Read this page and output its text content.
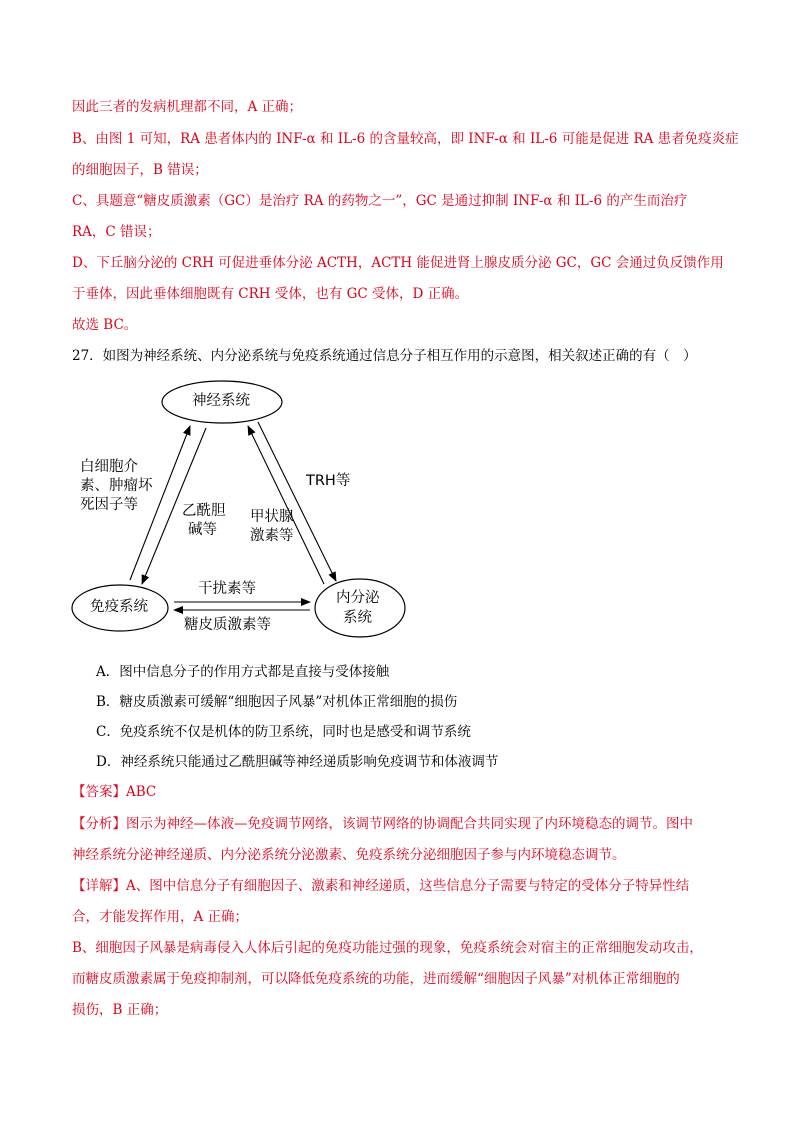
因此三者的发病机理都不同，A 正确；
B、由图 1 可知，RA 患者体内的 INF-α 和 IL-6 的含量较高，即 INF-α 和 IL-6 可能是促进 RA 患者免疫炎症
的细胞因子，B 错误；
C、具题意“糖皮质激素（GC）是治疗 RA 的药物之一”，GC 是通过抑制 INF-α 和 IL-6 的产生而治疗
RA，C 错误；
D、下丘脑分泌的 CRH 可促进垂体分泌 ACTH，ACTH 能促进肾上腺皮质分泌 GC，GC 会通过负反馈作用
于垂体，因此垂体细胞既有 CRH 受体，也有 GC 受体，D 正确。
故选 BC。
27．如图为神经系统、内分泌系统与免疫系统通过信息分子相互作用的示意图，相关叙述正确的有（　）
神经系统
免疫系统
内分泌
系统
白细胞介
素、肿瘤坏
死因子等	乙酰胆
碱等
甲状腺
激素等
TRH等
干扰素等
糖皮质激素等
A．图中信息分子的作用方式都是直接与受体接触
B．糖皮质激素可缓解“细胞因子风暴”对机体正常细胞的损伤
C．免疫系统不仅是机体的防卫系统，同时也是感受和调节系统
D．神经系统只能通过乙酰胆碱等神经递质影响免疫调节和体液调节
【答案】ABC
【分析】图示为神经—体液—免疫调节网络，该调节网络的协调配合共同实现了内环境稳态的调节。图中
神经系统分泌神经递质、内分泌系统分泌激素、免疫系统分泌细胞因子参与内环境稳态调节。
【详解】A、图中信息分子有细胞因子、激素和神经递质，这些信息分子需要与特定的受体分子特异性结
合，才能发挥作用，A 正确；
B、细胞因子风暴是病毒侵入人体后引起的免疫功能过强的现象，免疫系统会对宿主的正常细胞发动攻击，
而糖皮质激素属于免疫抑制剂，可以降低免疫系统的功能，进而缓解“细胞因子风暴”对机体正常细胞的
损伤，B 正确；
